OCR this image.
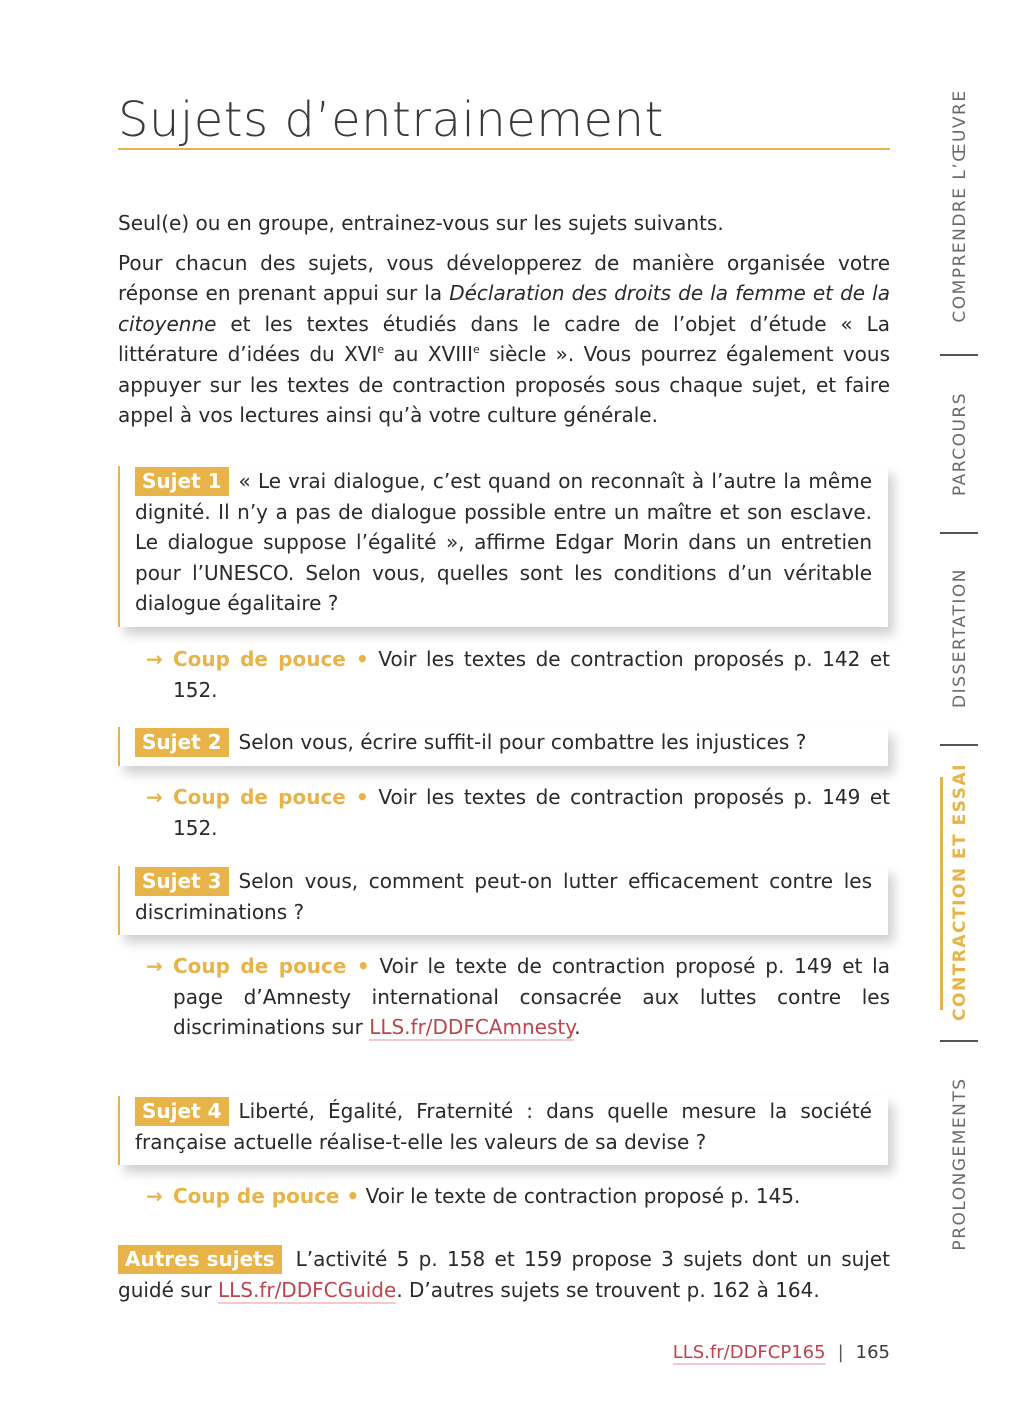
Sujets d’entrainement

Seul(e) ou en groupe, entrainez-vous sur les sujets suivants.

Pour chacun des sujets, vous développerez de manière organisée votre réponse en prenant appui sur la Déclaration des droits de la femme et de la citoyenne et les textes étudiés dans le cadre de l’objet d’étude « La littérature d’idées du XVIe au XVIIIe siècle ». Vous pourrez également vous appuyer sur les textes de contraction proposés sous chaque sujet, et faire appel à vos lectures ainsi qu’à votre culture générale.

Sujet 1 « Le vrai dialogue, c’est quand on reconnaît à l’autre la même dignité. Il n’y a pas de dialogue possible entre un maître et son esclave. Le dialogue suppose l’égalité », affirme Edgar Morin dans un entretien pour l’UNESCO. Selon vous, quelles sont les conditions d’un véritable dialogue égalitaire ?
→ Coup de pouce • Voir les textes de contraction proposés p. 142 et 152.
Sujet 2 Selon vous, écrire suffit-il pour combattre les injustices ?
→ Coup de pouce • Voir les textes de contraction proposés p. 149 et 152.
Sujet 3 Selon vous, comment peut-on lutter efficacement contre les discriminations ?
→ Coup de pouce • Voir le texte de contraction proposé p. 149 et la page d’Amnesty international consacrée aux luttes contre les discriminations sur LLS.fr/DDFCAmnesty.
Sujet 4 Liberté, Égalité, Fraternité : dans quelle mesure la société française actuelle réalise-t-elle les valeurs de sa devise ?
→ Coup de pouce • Voir le texte de contraction proposé p. 145.
Autres sujets L’activité 5 p. 158 et 159 propose 3 sujets dont un sujet guidé sur LLS.fr/DDFCGuide. D’autres sujets se trouvent p. 162 à 164.
LLS.fr/DDFCP165 | 165
COMPRENDRE L’ŒUVRE
PARCOURS
DISSERTATION
CONTRACTION ET ESSAI
PROLONGEMENTS
